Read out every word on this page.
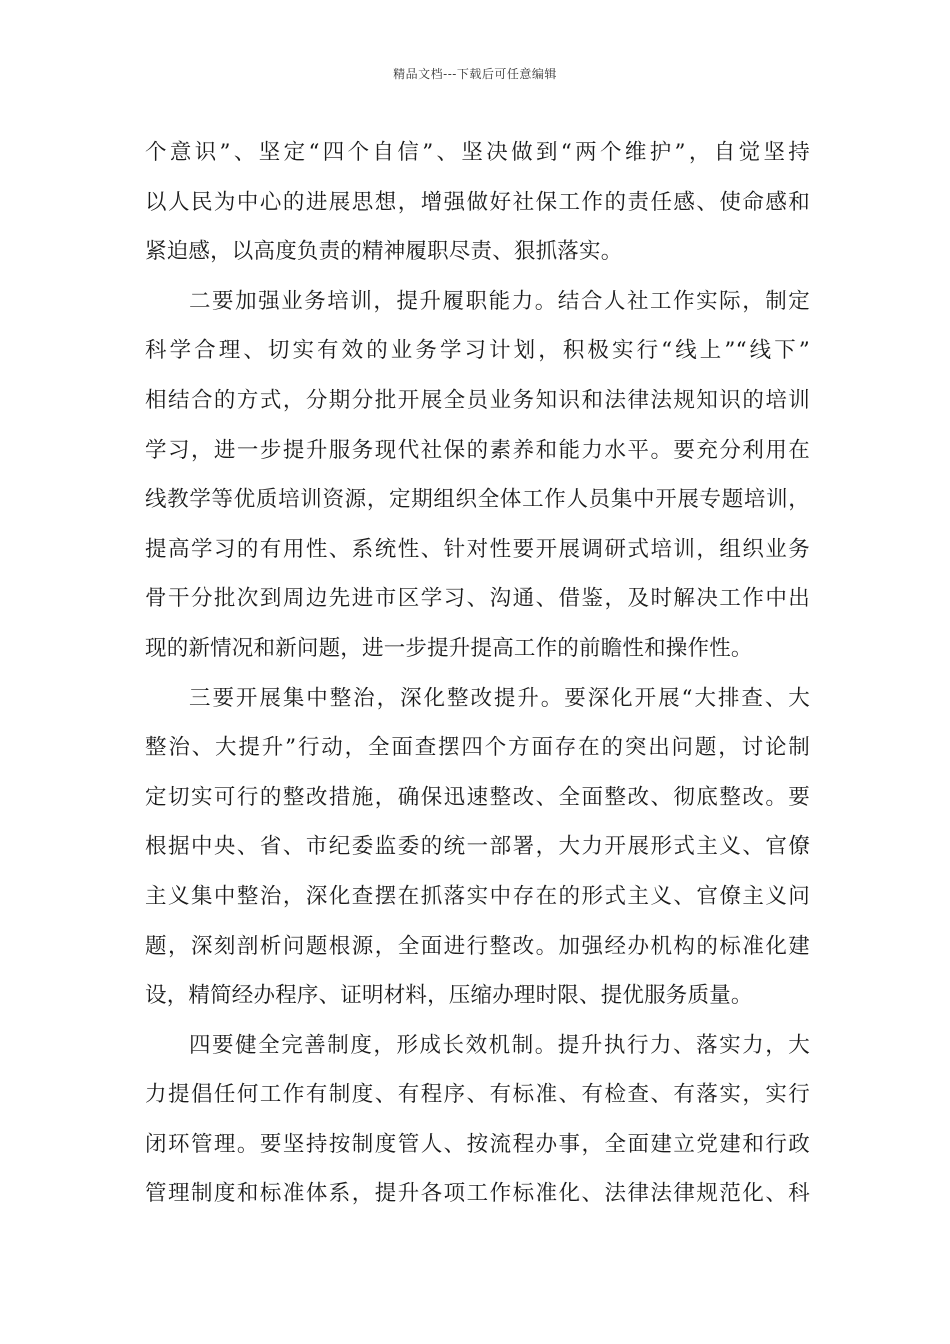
精品文档---下载后可任意编辑
个意识”、坚定“四个自信”、坚决做到“两个维护”，自觉坚持
以人民为中心的进展思想，增强做好社保工作的责任感、使命感和
紧迫感，以高度负责的精神履职尽责、狠抓落实。
二要加强业务培训，提升履职能力。结合人社工作实际，制定
科学合理、切实有效的业务学习计划，积极实行“线上”“线下”
相结合的方式，分期分批开展全员业务知识和法律法规知识的培训
学习，进一步提升服务现代社保的素养和能力水平。要充分利用在
线教学等优质培训资源，定期组织全体工作人员集中开展专题培训，
提高学习的有用性、系统性、针对性要开展调研式培训，组织业务
骨干分批次到周边先进市区学习、沟通、借鉴，及时解决工作中出
现的新情况和新问题，进一步提升提高工作的前瞻性和操作性。
三要开展集中整治，深化整改提升。要深化开展“大排查、大
整治、大提升”行动，全面查摆四个方面存在的突出问题，讨论制
定切实可行的整改措施，确保迅速整改、全面整改、彻底整改。要
根据中央、省、市纪委监委的统一部署，大力开展形式主义、官僚
主义集中整治，深化查摆在抓落实中存在的形式主义、官僚主义问
题，深刻剖析问题根源，全面进行整改。加强经办机构的标准化建
设，精简经办程序、证明材料，压缩办理时限、提优服务质量。
四要健全完善制度，形成长效机制。提升执行力、落实力，大
力提倡任何工作有制度、有程序、有标准、有检查、有落实，实行
闭环管理。要坚持按制度管人、按流程办事，全面建立党建和行政
管理制度和标准体系，提升各项工作标准化、法律法律规范化、科
